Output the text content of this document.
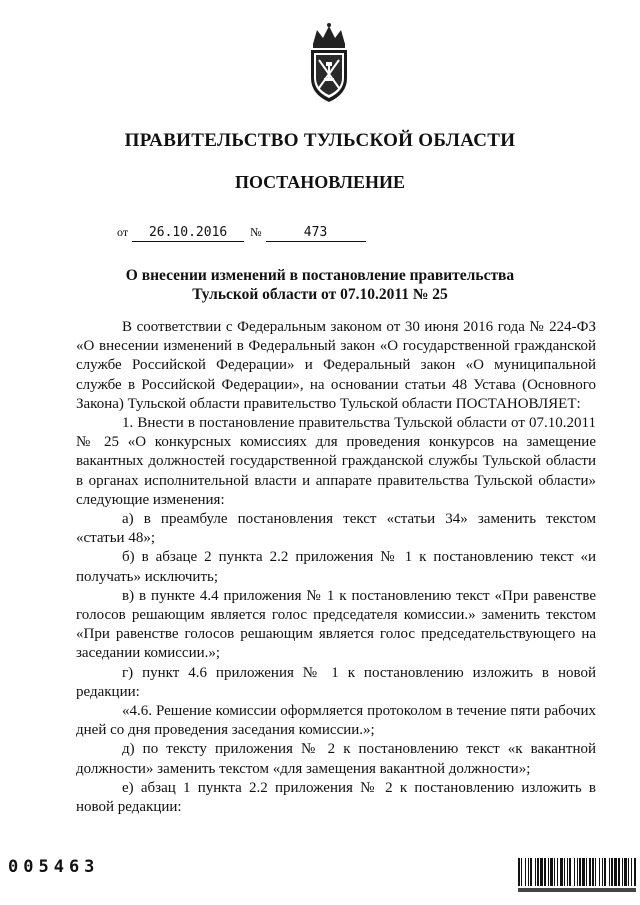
ПРАВИТЕЛЬСТВО ТУЛЬСКОЙ ОБЛАСТИ
ПОСТАНОВЛЕНИЕ
от 26.10.2016 №	473
О внесении изменений в постановление правительства
Тульской области от 07.10.2011 № 25

В соответствии с Федеральным законом от 30 июня 2016 года № 224-ФЗ «О внесении изменений в Федеральный закон «О государственной гражданской службе Российской Федерации» и Федеральный закон «О муниципальной службе в Российской Федерации», на основании статьи 48 Устава (Основного Закона) Тульской области правительство Тульской области ПОСТАНОВЛЯЕТ:

1. Внести в постановление правительства Тульской области от 07.10.2011 № 25 «О конкурсных комиссиях для проведения конкурсов на замещение вакантных должностей государственной гражданской службы Тульской области в органах исполнительной власти и аппарате правительства Тульской области» следующие изменения:

а) в преамбуле постановления текст «статьи 34» заменить текстом «статьи 48»;

б) в абзаце 2 пункта 2.2 приложения № 1 к постановлению текст «и получать» исключить;

в) в пункте 4.4 приложения № 1 к постановлению текст «При равенстве голосов решающим является голос председателя комиссии.» заменить текстом «При равенстве голосов решающим является голос председательствующего на заседании комиссии.»;

г) пункт 4.6 приложения № 1 к постановлению изложить в новой редакции:

«4.6. Решение комиссии оформляется протоколом в течение пяти рабочих дней со дня проведения заседания комиссии.»;

д) по тексту приложения № 2 к постановлению текст «к вакантной должности» заменить текстом «для замещения вакантной должности»;

е) абзац 1 пункта 2.2 приложения № 2 к постановлению изложить в новой редакции:

005463
